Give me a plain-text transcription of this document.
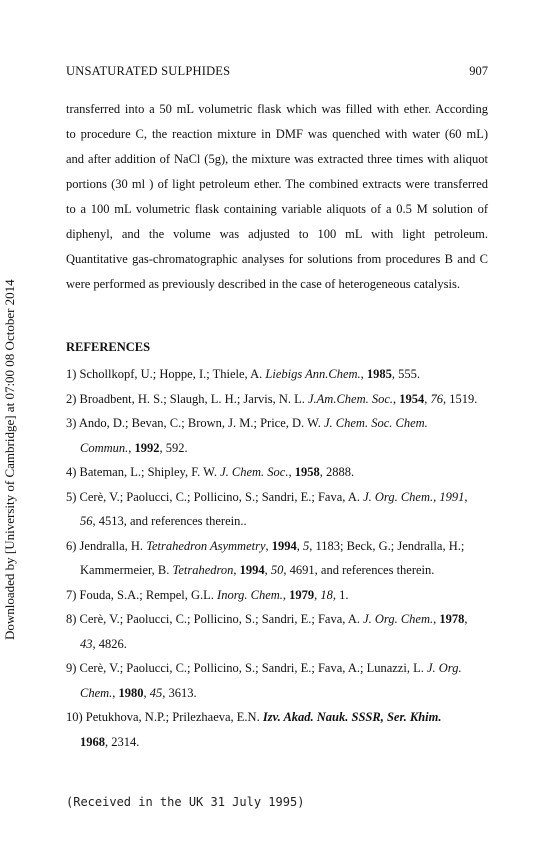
UNSATURATED SULPHIDES	907
Downloaded by [University of Cambridge] at 07:00 08 October 2014
transferred into a 50 mL volumetric flask which was filled with ether. According
to procedure C, the reaction mixture in DMF was quenched with water (60 mL)
and after addition of NaCl (5g), the mixture was extracted three times with aliquot
portions (30 ml ) of light petroleum ether. The combined extracts were transferred
to a 100 mL volumetric flask containing variable aliquots of a 0.5 M solution of
diphenyl, and the volume was adjusted to 100 mL with light petroleum.
Quantitative gas-chromatographic analyses for solutions from procedures B and C
were performed as previously described in the case of heterogeneous catalysis.
REFERENCES
1) Schollkopf, U.; Hoppe, I.; Thiele, A. Liebigs Ann.Chem., 1985, 555.
2) Broadbent, H. S.; Slaugh, L. H.; Jarvis, N. L. J.Am.Chem. Soc., 1954, 76, 1519.
3) Ando, D.; Bevan, C.; Brown, J. M.; Price, D. W. J. Chem. Soc. Chem.
Commun., 1992, 592.
4) Bateman, L.; Shipley, F. W. J. Chem. Soc., 1958, 2888.
5) Cerè, V.; Paolucci, C.; Pollicino, S.; Sandri, E.; Fava, A. J. Org. Chem., 1991,
56, 4513, and references therein..
6) Jendralla, H. Tetrahedron Asymmetry, 1994, 5, 1183; Beck, G.; Jendralla, H.;
Kammermeier, B. Tetrahedron, 1994, 50, 4691, and references therein.
7) Fouda, S.A.; Rempel, G.L. Inorg. Chem., 1979, 18, 1.
8) Cerè, V.; Paolucci, C.; Pollicino, S.; Sandri, E.; Fava, A. J. Org. Chem., 1978,
43, 4826.
9) Cerè, V.; Paolucci, C.; Pollicino, S.; Sandri, E.; Fava, A.; Lunazzi, L. J. Org.
Chem., 1980, 45, 3613.
10) Petukhova, N.P.; Prilezhaeva, E.N. Izv. Akad. Nauk. SSSR, Ser. Khim.
1968, 2314.
(Received in the UK 31 July 1995)
